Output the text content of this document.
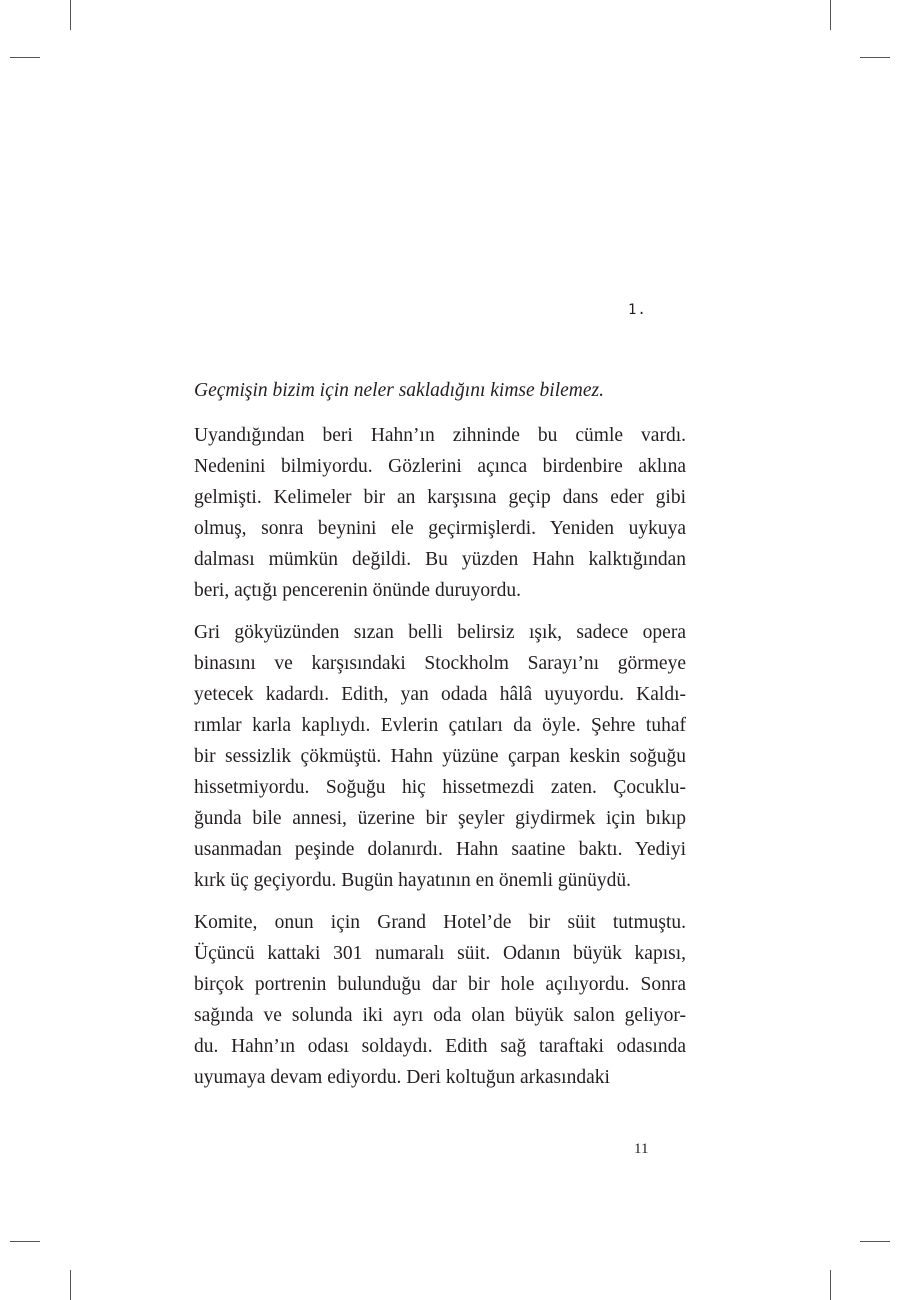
1.

Geçmişin bizim için neler sakladığını kimse bilemez.

Uyandığından beri Hahn’ın zihninde bu cümle vardı.
Nedenini bilmiyordu. Gözlerini açınca birdenbire aklına
gelmişti. Kelimeler bir an karşısına geçip dans eder gibi
olmuş, sonra beynini ele geçirmişlerdi. Yeniden uykuya
dalması mümkün değildi. Bu yüzden Hahn kalktığından
beri, açtığı pencerenin önünde duruyordu.

Gri gökyüzünden sızan belli belirsiz ışık, sadece opera
binasını ve karşısındaki Stockholm Sarayı’nı görmeye
yetecek kadardı. Edith, yan odada hâlâ uyuyordu. Kaldı-
rımlar karla kaplıydı. Evlerin çatıları da öyle. Şehre tuhaf
bir sessizlik çökmüştü. Hahn yüzüne çarpan keskin soğuğu
hissetmiyordu. Soğuğu hiç hissetmezdi zaten. Çocuklu-
ğunda bile annesi, üzerine bir şeyler giydirmek için bıkıp
usanmadan peşinde dolanırdı. Hahn saatine baktı. Yediyi
kırk üç geçiyordu. Bugün hayatının en önemli günüydü.

Komite, onun için Grand Hotel’de bir süit tutmuştu.
Üçüncü kattaki 301 numaralı süit. Odanın büyük kapısı,
birçok portrenin bulunduğu dar bir hole açılıyordu. Sonra
sağında ve solunda iki ayrı oda olan büyük salon geliyor-
du. Hahn’ın odası soldaydı. Edith sağ taraftaki odasında
uyumaya devam ediyordu. Deri koltuğun arkasındaki

11
